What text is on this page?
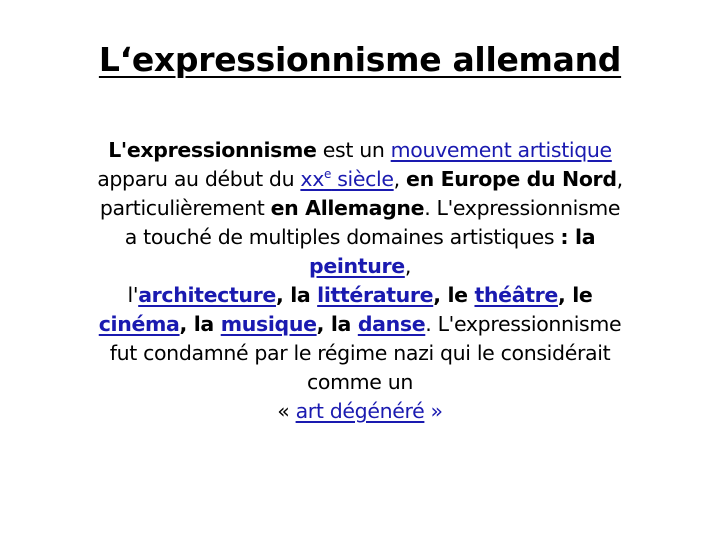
L‘expressionnisme allemand
L'expressionnisme est un mouvement artistique apparu au début du $xx^e$ siècle, en Europe du Nord, particulièrement en Allemagne. L'expressionnisme a touché de multiples domaines artistiques : la peinture,
l'architecture, la littérature, le théâtre, le
cinéma, la musique, la danse. L'expressionnisme fut condamné par le régime nazi qui le considérait comme un
« art dégénéré »
